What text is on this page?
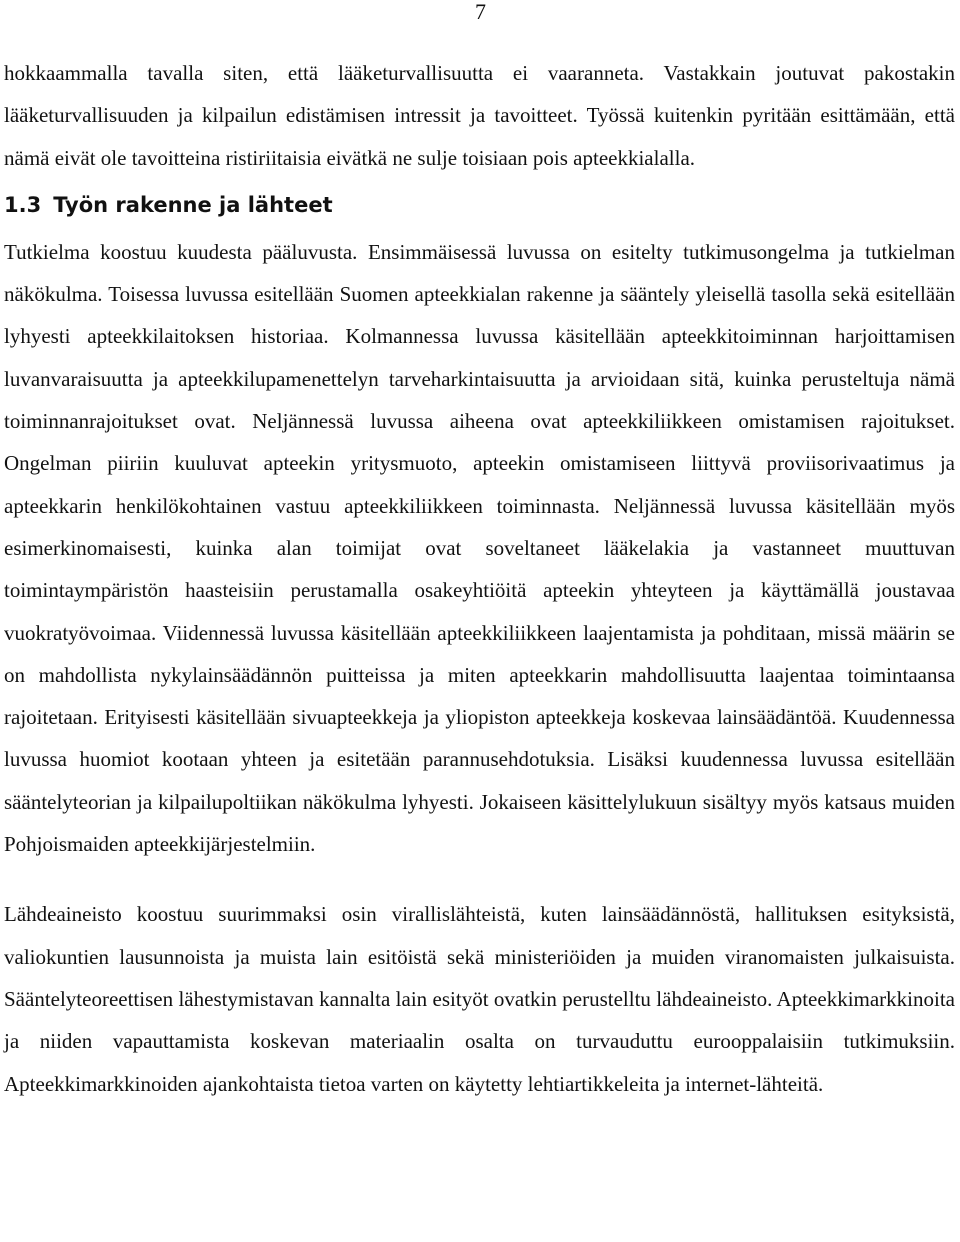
7

hokkaammalla tavalla siten, että lääketurvallisuutta ei vaaranneta. Vastakkain joutuvat pakostakin lääketurvallisuuden ja kilpailun edistämisen intressit ja tavoitteet. Työssä kuitenkin pyritään esittämään, että nämä eivät ole tavoitteina ristiriitaisia eivätkä ne sulje toisiaan pois apteekkialalla.

1.3 Työn rakenne ja lähteet

Tutkielma koostuu kuudesta pääluvusta. Ensimmäisessä luvussa on esitelty tutkimusongelma ja tutkielman näkökulma. Toisessa luvussa esitellään Suomen apteekkialan rakenne ja sääntely yleisellä tasolla sekä esitellään lyhyesti apteekkilaitoksen historiaa. Kolmannessa luvussa käsitellään apteekkitoiminnan harjoittamisen luvanvaraisuutta ja apteekkilupamenettelyn tarveharkintaisuutta ja arvioidaan sitä, kuinka perusteltuja nämä toiminnanrajoitukset ovat. Neljännessä luvussa aiheena ovat apteekkiliikkeen omistamisen rajoitukset. Ongelman piiriin kuuluvat apteekin yritysmuoto, apteekin omistamiseen liittyvä proviisorivaatimus ja apteekkarin henkilökohtainen vastuu apteekkiliikkeen toiminnasta. Neljännessä luvussa käsitellään myös esimerkinomaisesti, kuinka alan toimijat ovat soveltaneet lääkelakia ja vastanneet muuttuvan toimintaympäristön haasteisiin perustamalla osakeyhtiöitä apteekin yhteyteen ja käyttämällä joustavaa vuokratyövoimaa. Viidennessä luvussa käsitellään apteekkiliikkeen laajentamista ja pohditaan, missä määrin se on mahdollista nykylainsäädännön puitteissa ja miten apteekkarin mahdollisuutta laajentaa toimintaansa rajoitetaan. Erityisesti käsitellään sivuapteekkeja ja yliopiston apteekkeja koskevaa lainsäädäntöä. Kuudennessa luvussa huomiot kootaan yhteen ja esitetään parannusehdotuksia. Lisäksi kuudennessa luvussa esitellään sääntelyteorian ja kilpailupoltiikan näkökulma lyhyesti. Jokaiseen käsittelylukuun sisältyy myös katsaus muiden Pohjoismaiden apteekkijärjestelmiin.

Lähdeaineisto koostuu suurimmaksi osin virallislähteistä, kuten lainsäädännöstä, hallituksen esityksistä, valiokuntien lausunnoista ja muista lain esitöistä sekä ministeriöiden ja muiden viranomaisten julkaisuista. Sääntelyteoreettisen lähestymistavan kannalta lain esityöt ovatkin perustelltu lähdeaineisto. Apteekkimarkkinoita ja niiden vapauttamista koskevan materiaalin osalta on turvauduttu eurooppalaisiin tutkimuksiin. Apteekkimarkkinoiden ajankohtaista tietoa varten on käytetty lehtiartikkeleita ja internet-lähteitä.
